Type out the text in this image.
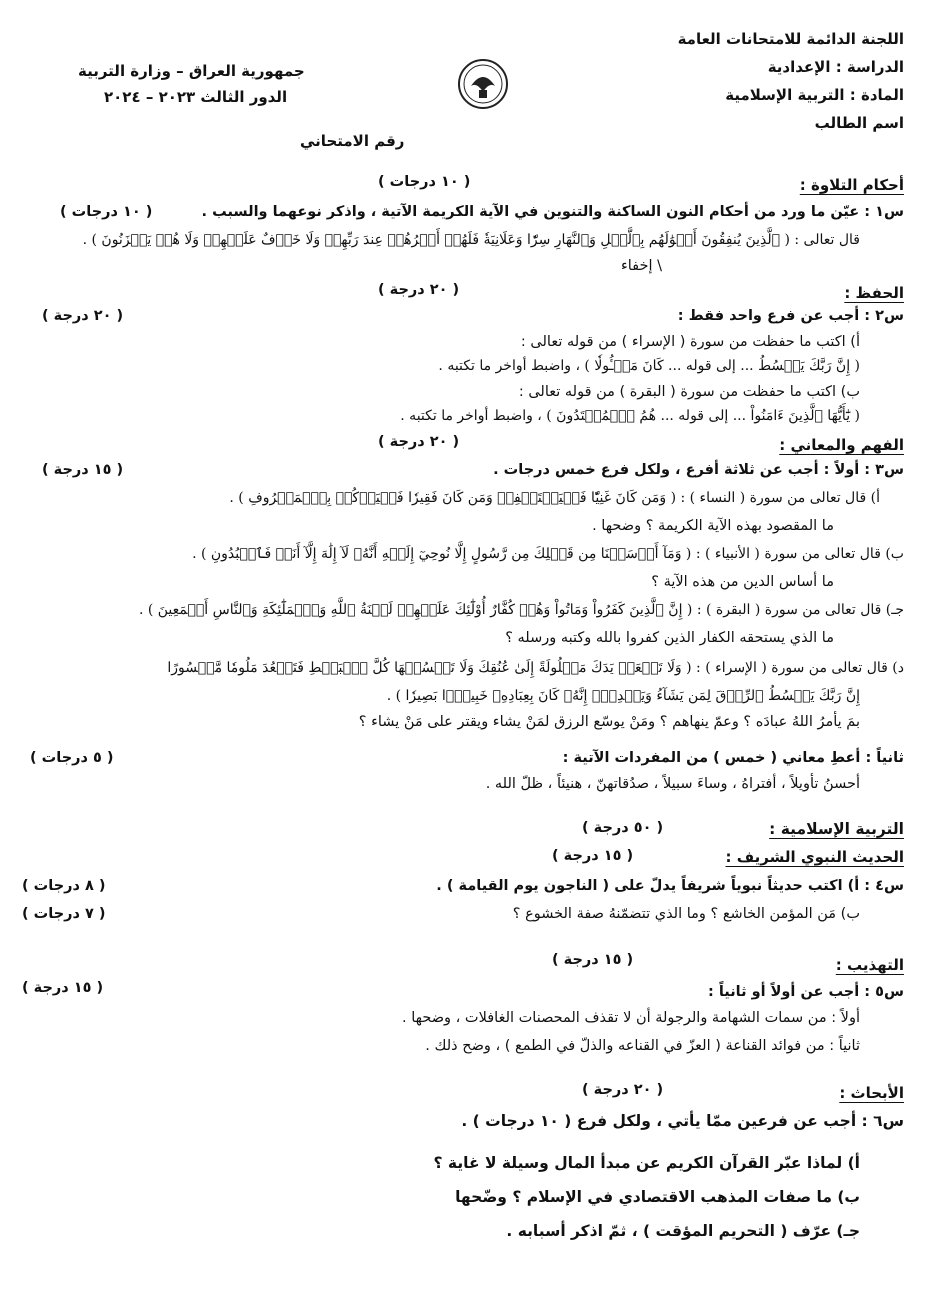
اللجنة الدائمة للامتحانات العامة
الدراسة : الإعدادية
المادة : التربية الإسلامية
اسم الطالب
جمهورية العراق – وزارة التربية
الدور الثالث ٢٠٢٣ – ٢٠٢٤
رقم الامتحاني
أحكام التلاوة :
( ١٠ درجات )
س١ : عيّن ما ورد من أحكام النون الساكنة والتنوين في الآية الكريمة الآتية ، واذكر نوعهما والسبب .
( ١٠ درجات )
قال تعالى : ( ٱلَّذِينَ يُنفِقُونَ أَمۡوَٰلَهُم بِٱلَّيۡلِ وَٱلنَّهَارِ سِرّٗا وَعَلَانِيَةٗ فَلَهُمۡ أَجۡرُهُمۡ عِندَ رَبِّهِمۡ وَلَا خَوۡفٌ عَلَيۡهِمۡ وَلَا هُمۡ يَحۡزَنُونَ ) .
\ إخفاء
الحفظ :
( ٢٠ درجة )
س٢ : أجب عن فرع واحد فقط :
( ٢٠ درجة )
أ) اكتب ما حفظت من سورة ( الإسراء ) من قوله تعالى :
( إِنَّ رَبَّكَ يَبۡسُطُ ... إلى قوله ... كَانَ مَسۡـُٔولٗا ) ، واضبط أواخر ما تكتبه .
ب) اكتب ما حفظت من سورة ( البقرة ) من قوله تعالى :
( يَٰٓأَيُّهَا ٱلَّذِينَ ءَامَنُواْ ... إلى قوله ... هُمُ ٱلۡمُهۡتَدُونَ ) ، واضبط أواخر ما تكتبه .
الفهم والمعاني :
( ٢٠ درجة )
س٣ : أولاً : أجب عن ثلاثة أفرع ، ولكل فرع خمس درجات .
( ١٥ درجة )
أ) قال تعالى من سورة ( النساء ) : ( وَمَن كَانَ غَنِيّٗا فَلۡيَسۡتَعۡفِفۡ وَمَن كَانَ فَقِيرٗا فَلۡيَأۡكُلۡ بِٱلۡمَعۡرُوفِ ) .
ما المقصود بهذه الآية الكريمة ؟ وضحها .
ب) قال تعالى من سورة ( الأنبياء ) : ( وَمَآ أَرۡسَلۡنَا مِن قَبۡلِكَ مِن رَّسُولٍ إِلَّا نُوحِيٓ إِلَيۡهِ أَنَّهُۥ لَآ إِلَٰهَ إِلَّآ أَنَا۠ فَٱعۡبُدُونِ ) .
ما أساس الدين من هذه الآية ؟
جـ) قال تعالى من سورة ( البقرة ) : ( إِنَّ ٱلَّذِينَ كَفَرُواْ وَمَاتُواْ وَهُمۡ كُفَّارٌ أُوْلَٰٓئِكَ عَلَيۡهِمۡ لَعۡنَةُ ٱللَّهِ وَٱلۡمَلَٰٓئِكَةِ وَٱلنَّاسِ أَجۡمَعِينَ ) .
ما الذي يستحقه الكفار الذين كفروا بالله وكتبه ورسله ؟
د) قال تعالى من سورة ( الإسراء ) : ( وَلَا تَجۡعَلۡ يَدَكَ مَغۡلُولَةً إِلَىٰ عُنُقِكَ وَلَا تَبۡسُطۡهَا كُلَّ ٱلۡبَسۡطِ فَتَقۡعُدَ مَلُومٗا مَّحۡسُورًا
إِنَّ رَبَّكَ يَبۡسُطُ ٱلرِّزۡقَ لِمَن يَشَآءُ وَيَقۡدِرُۚ إِنَّهُۥ كَانَ بِعِبَادِهِۦ خَبِيرَۢا بَصِيرٗا ) .
بمَ يأمرُ اللهُ عبادَه ؟ وعمّ ينهاهم ؟ ومَنْ يوسّع الرزق لمَنْ يشاء ويقتر على مَنْ يشاء ؟
ثانياً : أعطِ معاني ( خمس ) من المفردات الآتية :
( ٥ درجات )
أحسنُ تأويلاً ، أفتراهُ ، وساءَ سبيلاً ، صدُقاتهنّ ، هنيئاً ، ظلّ الله .
التربية الإسلامية :
( ٥٠ درجة )
الحديث النبوي الشريف :
( ١٥ درجة )
س٤ : أ) اكتب حديثاً نبوياً شريفاً يدلّ على ( الناجون يوم القيامة ) .
( ٨ درجات )
ب) مَن المؤمن الخاشع ؟ وما الذي تتضمّنهُ صفة الخشوع ؟
( ٧ درجات )
التهذيب :
( ١٥ درجة )
س٥ : أجب عن أولاً أو ثانياً :
( ١٥ درجة )
أولاً : من سمات الشهامة والرجولة أن لا تقذف المحصنات الغافلات ، وضحها .
ثانياً : من فوائد القناعة ( العزّ في القناعه والذلّ في الطمع ) ، وضح ذلك .
الأبحاث :
( ٢٠ درجة )
س٦ : أجب عن فرعين ممّا يأتي ، ولكل فرع ( ١٠ درجات ) .
أ) لماذا عبّر القرآن الكريم عن مبدأ المال وسيلة لا غاية ؟
ب) ما صفات المذهب الاقتصادي في الإسلام ؟ وضّحها
جـ) عرّف ( التحريم المؤقت ) ، ثمّ اذكر أسبابه .
